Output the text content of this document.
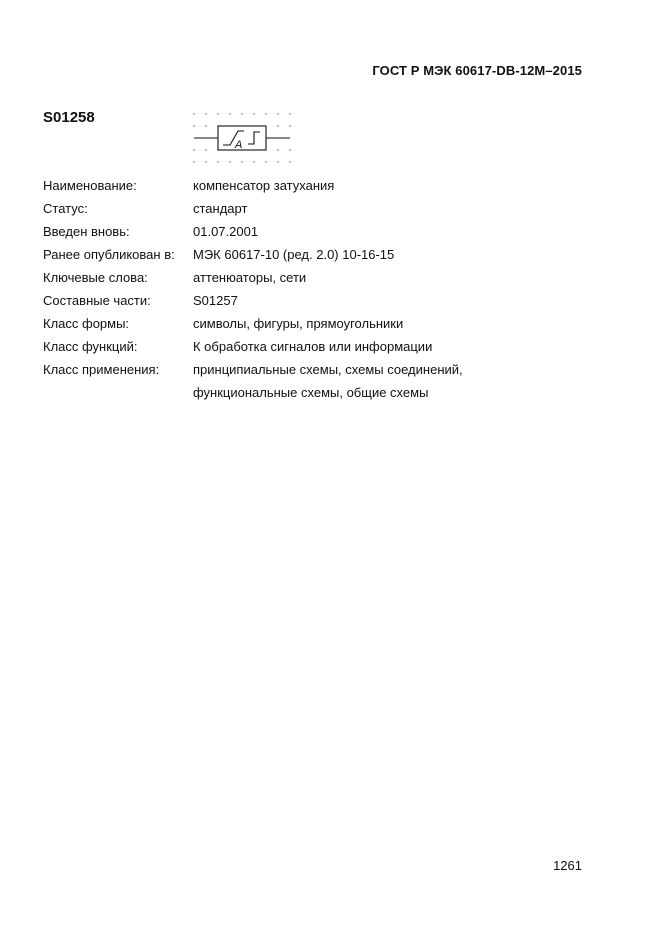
ГОСТ Р МЭК 60617-DB-12M–2015
S01258
A
Наименование:	компенсатор затухания
Статус:	стандарт
Введен вновь:	01.07.2001
Ранее опубликован в:	МЭК 60617-10 (ред. 2.0) 10-16-15
Ключевые слова:	аттенюаторы, сети
Составные части:	S01257
Класс формы:	символы, фигуры, прямоугольники
Класс функций:	К обработка сигналов или информации
Класс применения:	принципиальные схемы, схемы соединений,
функциональные схемы, общие схемы
1261
